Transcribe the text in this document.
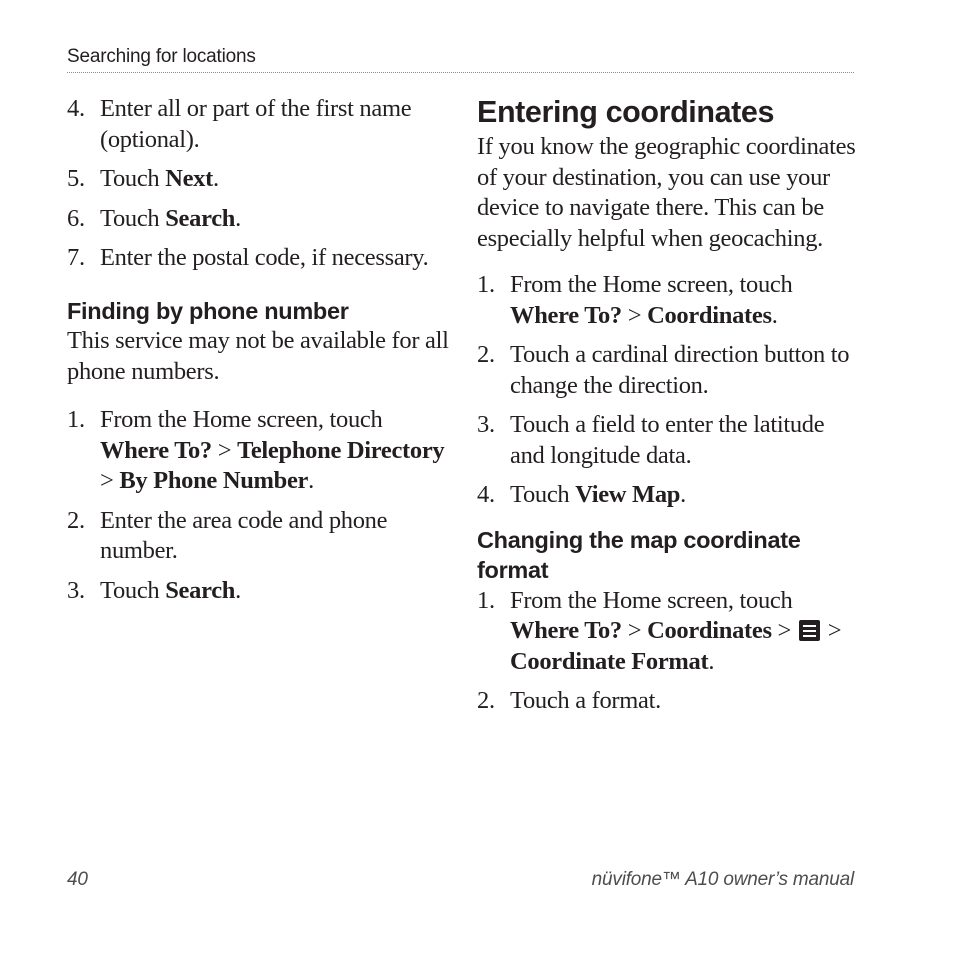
Searching for locations
4. Enter all or part of the first name (optional).
5. Touch Next.
6. Touch Search.
7. Enter the postal code, if necessary.
Finding by phone number

This service may not be available for all phone numbers.

1. From the Home screen, touch Where To? > Telephone Directory > By Phone Number.
2. Enter the area code and phone number.
3. Touch Search.
Entering coordinates

If you know the geographic coordinates of your destination, you can use your device to navigate there. This can be especially helpful when geocaching.

1. From the Home screen, touch Where To? > Coordinates.
2. Touch a cardinal direction button to change the direction.
3. Touch a field to enter the latitude and longitude data.
4. Touch View Map.
Changing the map coordinate format
1. From the Home screen, touch Where To? > Coordinates >
> Coordinate Format.
2. Touch a format.
40	nüvifone™ A10 owner’s manual
